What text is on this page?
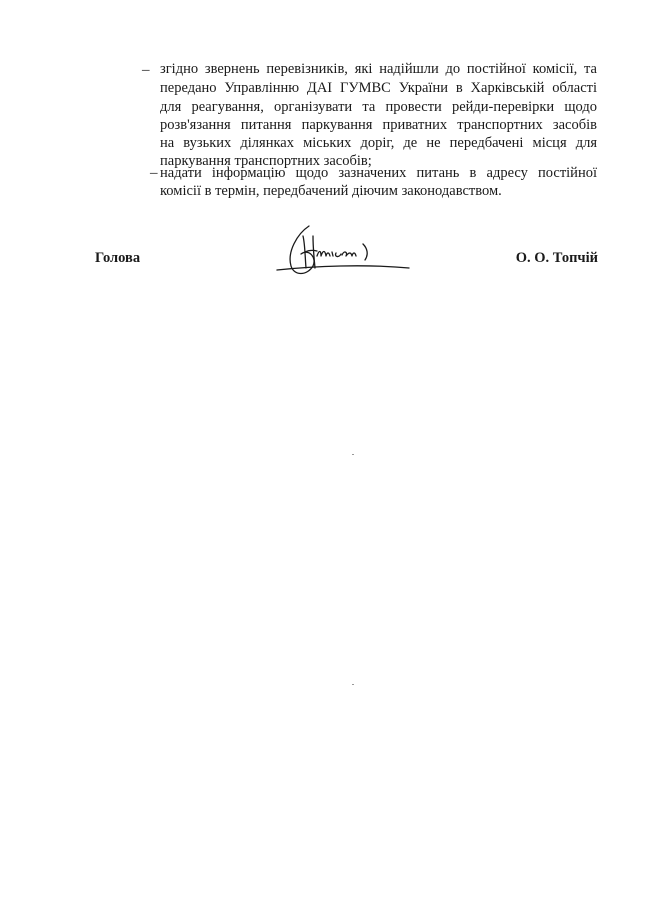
– згідно звернень перевізників, які надійшли до постійної комісії, та
передано Управлінню ДАІ ГУМВС України в Харківській області
для реагування, організувати та провести рейди-перевірки щодо
розв'язання питання паркування приватних транспортних засобів
на вузьких ділянках міських доріг, де не передбачені місця для
паркування транспортних засобів;
– надати інформацію щодо зазначених питань в адресу постійної
комісії в термін, передбачений діючим законодавством.
Голова	О. О. Топчій
